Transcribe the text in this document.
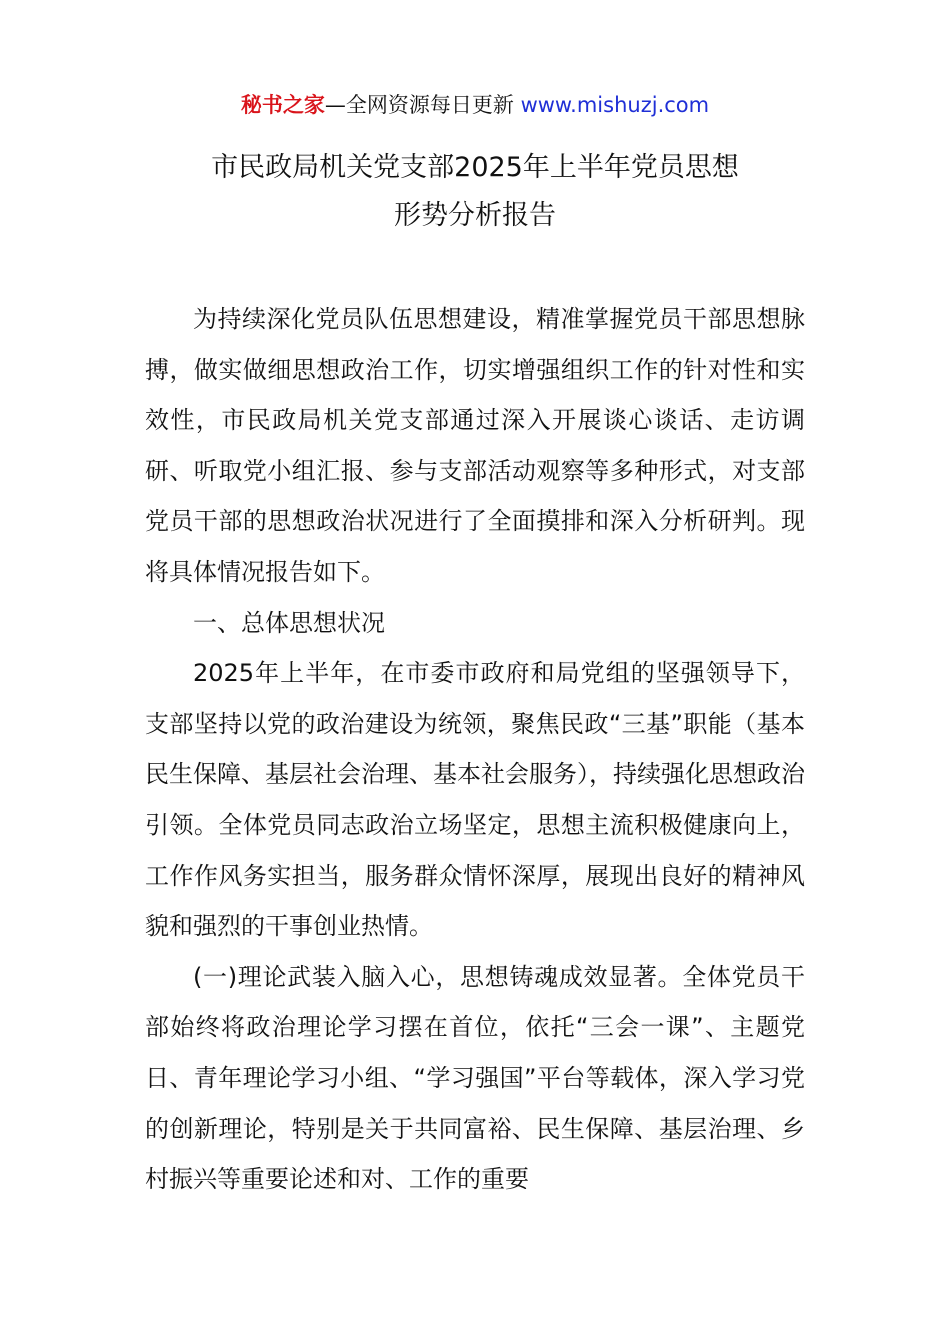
秘书之家—全网资源每日更新 www.mishuzj.com
市民政局机关党支部2025年上半年党员思想
形势分析报告

为持续深化党员队伍思想建设，精准掌握党员干部思想脉搏，做实做细思想政治工作，切实增强组织工作的针对性和实效性，市民政局机关党支部通过深入开展谈心谈话、走访调研、听取党小组汇报、参与支部活动观察等多种形式，对支部党员干部的思想政治状况进行了全面摸排和深入分析研判。现将具体情况报告如下。

一、总体思想状况

2025年上半年，在市委市政府和局党组的坚强领导下，支部坚持以党的政治建设为统领，聚焦民政“三基”职能（基本民生保障、基层社会治理、基本社会服务），持续强化思想政治引领。全体党员同志政治立场坚定，思想主流积极健康向上，工作作风务实担当，服务群众情怀深厚，展现出良好的精神风貌和强烈的干事创业热情。

(一)理论武装入脑入心，思想铸魂成效显著。全体党员干部始终将政治理论学习摆在首位，依托“三会一课”、主题党日、青年理论学习小组、“学习强国”平台等载体，深入学习党的创新理论，特别是关于共同富裕、民生保障、基层治理、乡村振兴等重要论述和对、工作的重要
